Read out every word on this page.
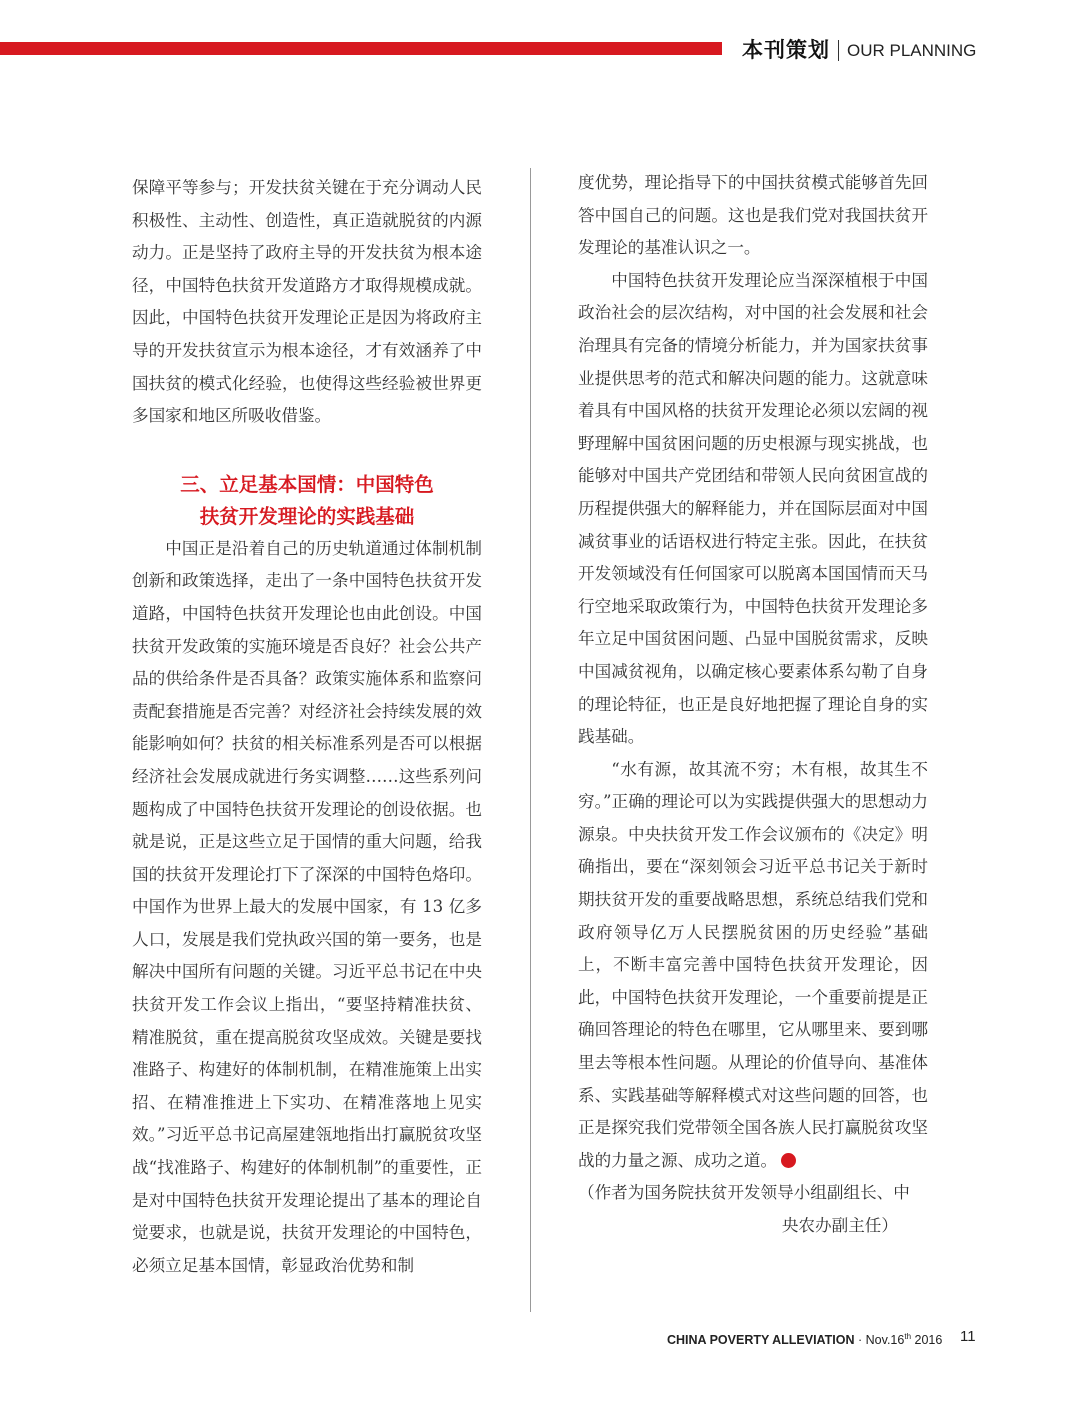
本刊策划 OUR PLANNING

保障平等参与；开发扶贫关键在于充分调动人民积极性、主动性、创造性，真正造就脱贫的内源动力。正是坚持了政府主导的开发扶贫为根本途径，中国特色扶贫开发道路方才取得规模成就。因此，中国特色扶贫开发理论正是因为将政府主导的开发扶贫宣示为根本途径，才有效涵养了中国扶贫的模式化经验，也使得这些经验被世界更多国家和地区所吸收借鉴。

三、立足基本国情：中国特色
扶贫开发理论的实践基础

中国正是沿着自己的历史轨道通过体制机制创新和政策选择，走出了一条中国特色扶贫开发道路，中国特色扶贫开发理论也由此创设。中国扶贫开发政策的实施环境是否良好？社会公共产品的供给条件是否具备？政策实施体系和监察问责配套措施是否完善？对经济社会持续发展的效能影响如何？扶贫的相关标准系列是否可以根据经济社会发展成就进行务实调整……这些系列问题构成了中国特色扶贫开发理论的创设依据。也就是说，正是这些立足于国情的重大问题，给我国的扶贫开发理论打下了深深的中国特色烙印。中国作为世界上最大的发展中国家，有 13 亿多人口，发展是我们党执政兴国的第一要务，也是解决中国所有问题的关键。习近平总书记在中央扶贫开发工作会议上指出，“要坚持精准扶贫、精准脱贫，重在提高脱贫攻坚成效。关键是要找准路子、构建好的体制机制，在精准施策上出实招、在精准推进上下实功、在精准落地上见实效。”习近平总书记高屋建瓴地指出打赢脱贫攻坚战“找准路子、构建好的体制机制”的重要性，正是对中国特色扶贫开发理论提出了基本的理论自觉要求，也就是说，扶贫开发理论的中国特色，必须立足基本国情，彰显政治优势和制

度优势，理论指导下的中国扶贫模式能够首先回答中国自己的问题。这也是我们党对我国扶贫开发理论的基准认识之一。

中国特色扶贫开发理论应当深深植根于中国政治社会的层次结构，对中国的社会发展和社会治理具有完备的情境分析能力，并为国家扶贫事业提供思考的范式和解决问题的能力。这就意味着具有中国风格的扶贫开发理论必须以宏阔的视野理解中国贫困问题的历史根源与现实挑战，也能够对中国共产党团结和带领人民向贫困宣战的历程提供强大的解释能力，并在国际层面对中国减贫事业的话语权进行特定主张。因此，在扶贫开发领域没有任何国家可以脱离本国国情而天马行空地采取政策行为，中国特色扶贫开发理论多年立足中国贫困问题、凸显中国脱贫需求，反映中国减贫视角，以确定核心要素体系勾勒了自身的理论特征，也正是良好地把握了理论自身的实践基础。

“水有源，故其流不穷；木有根，故其生不穷。”正确的理论可以为实践提供强大的思想动力源泉。中央扶贫开发工作会议颁布的《决定》明确指出，要在“深刻领会习近平总书记关于新时期扶贫开发的重要战略思想，系统总结我们党和政府领导亿万人民摆脱贫困的历史经验”基础上，不断丰富完善中国特色扶贫开发理论，因此，中国特色扶贫开发理论，一个重要前提是正确回答理论的特色在哪里，它从哪里来、要到哪里去等根本性问题。从理论的价值导向、基准体系、实践基础等解释模式对这些问题的回答，也正是探究我们党带领全国各族人民打赢脱贫攻坚战的力量之源、成功之道。

（作者为国务院扶贫开发领导小组副组长、中

央农办副主任）

CHINA POVERTY ALLEVIATION · Nov.16th 2016 11
